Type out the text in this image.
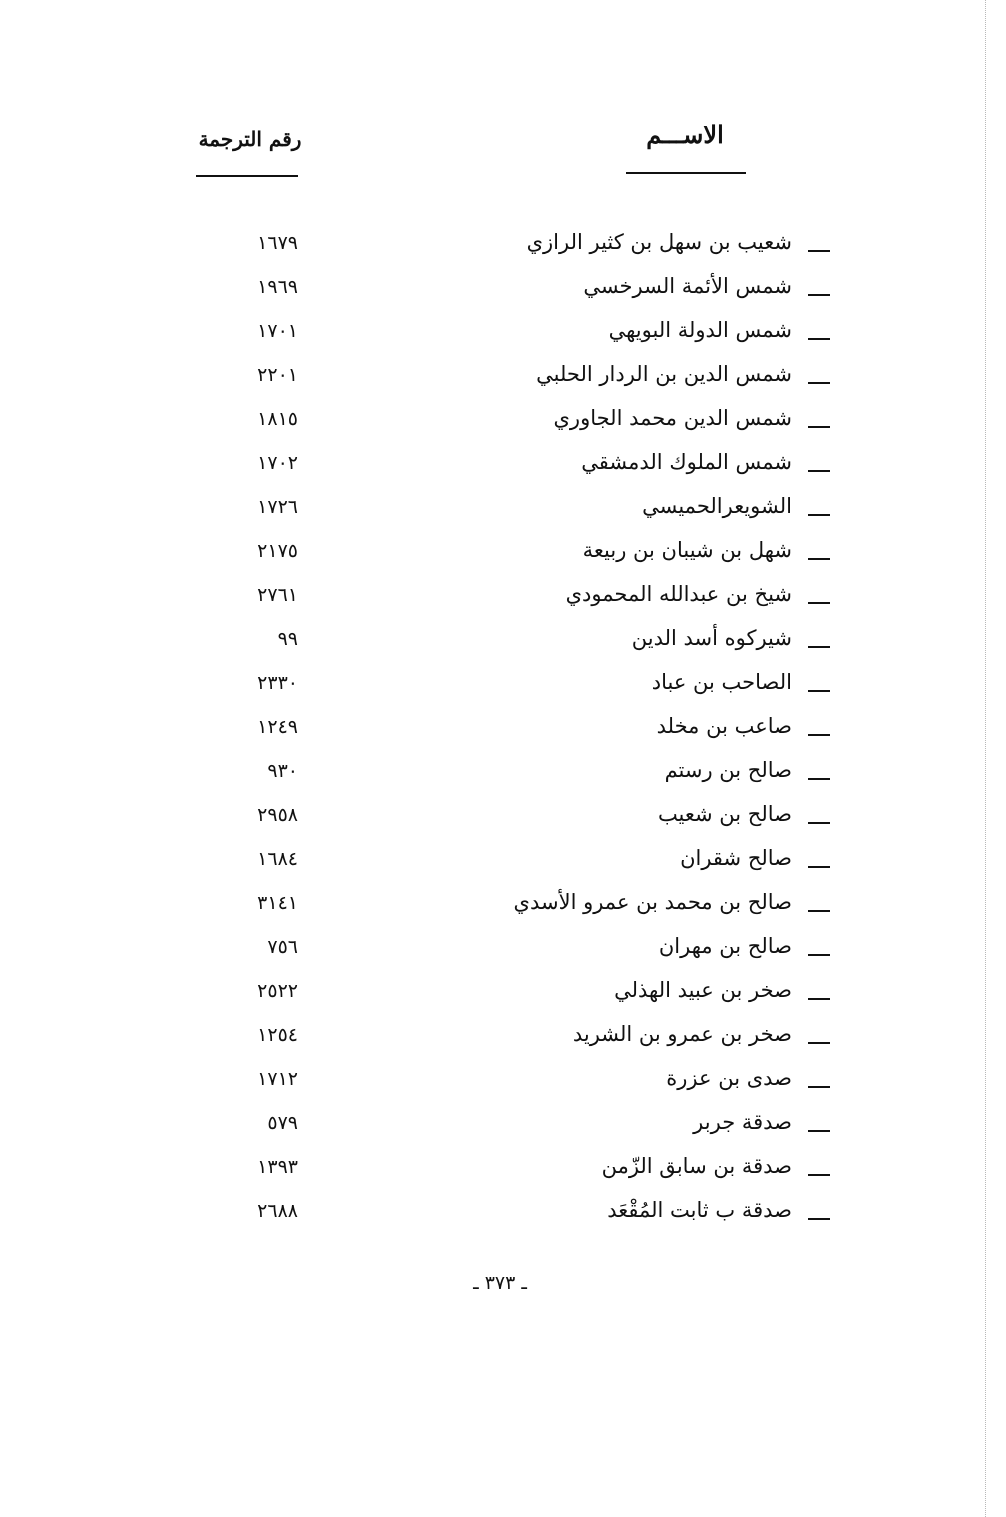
الاســـم
رقم الترجمة
شعيب بن سهل بن كثير الرازي
١٦٧٩
شمس الأئمة السرخسي
١٩٦٩
شمس الدولة البويهي
١٧٠١
شمس الدين بن الردار الحلبي
٢٢٠١
شمس الدين محمد الجاوري
١٨١٥
شمس الملوك الدمشقي
١٧٠٢
الشويعرالحميسي
١٧٢٦
شهل بن شيبان بن ربيعة
٢١٧٥
شيخ بن عبدالله المحمودي
٢٧٦١
شيركوه أسد الدين
٩٩
الصاحب بن عباد
٢٣٣٠
صاعب بن مخلد
١٢٤٩
صالح بن رستم
٩٣٠
صالح بن شعيب
٢٩٥٨
صالح شقران
١٦٨٤
صالح بن محمد بن عمرو الأسدي
٣١٤١
صالح بن مهران
٧٥٦
صخر بن عبيد الهذلي
٢٥٢٢
صخر بن عمرو بن الشريد
١٢٥٤
صدى بن عزرة
١٧١٢
صدقة جربر
٥٧٩
صدقة بن سابق الزّمن
١٣٩٣
صدقة ب ثابت المُقْعَد
٢٦٨٨
ـ ٣٧٣ ـ
